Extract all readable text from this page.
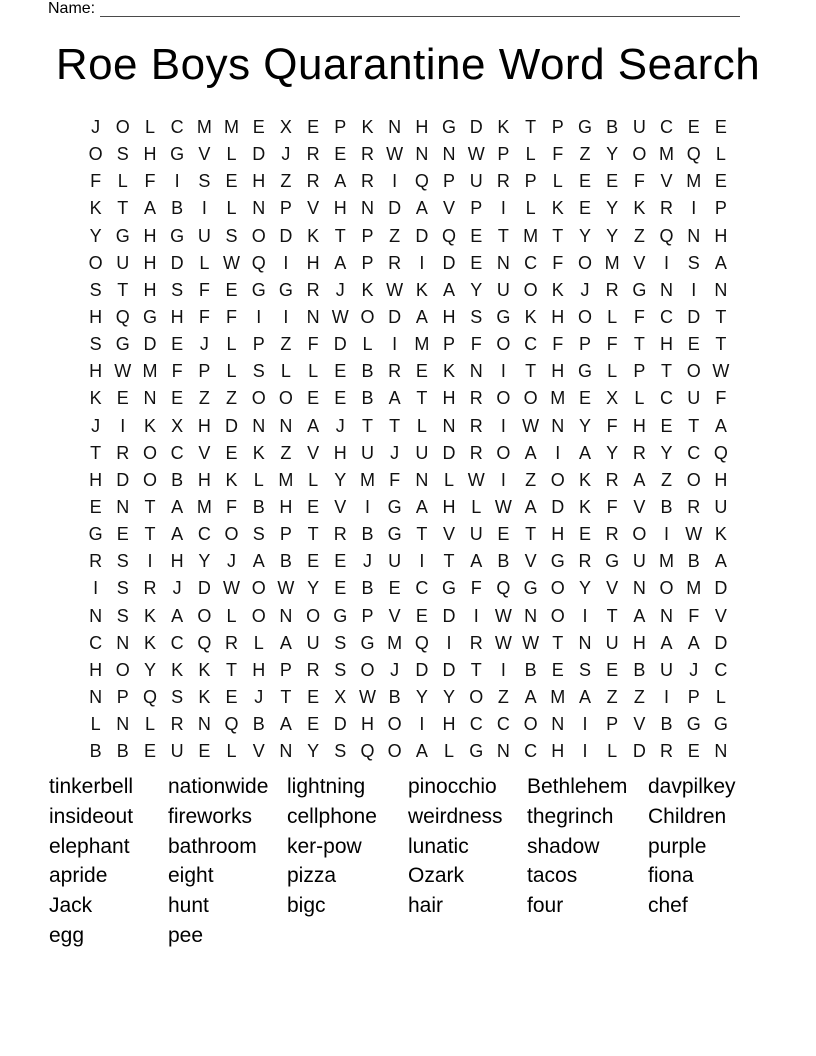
Name:
Roe Boys Quarantine Word Search
J O L C M M E X E P K N H G D K T P G B U C E E
O S H G V L D J R E R W N N W P L F Z Y O M Q L
F L F	I	S E H Z R A R	I Q P U R P L E E F V M E
K T A B	I	L N P V H N D A V P	I	L K E Y K R	I	P
Y G H G U S O D K T P Z D Q E T M T Y Y Z Q N H
O U H D L W Q I	H A P R	I	D E N C F O M V	I	S A
S T H S F E G G R J K W K A Y U O K J R G N	I	N
H Q G H F F	I	I	N W O D A H S G K H O L F C D T
S G D E J L P Z F D L	I M P F O C F P F T H E T
H W M F P L S L L E B R E K N	I	T H G L P T O W
K E N E Z Z O O E E B A T H R O O M E X L C U F
J	I	K X H D N N A J T T L N R	I W N Y F H E T A
T R O C V E K Z V H U J U D R O A	I	A Y R Y C Q
H D O B H K L M L Y M F N L W I	Z O K R A Z O H
E N T A M F B H E V	I G A H L W A D K F V B R U
G E T A C O S P T R B G T V U E T H E R O I W K
R S	I	H Y J A B E E J U	I	T A B V G R G U M B A
I	S R J D W O W Y E B E C G F Q G O Y V N O M D
N S K A O L O N O G P V E D	I W N O I	T A N F V
C N K C Q R L A U S G M Q I	R W W T N U H A A D
H O Y K K T H P R S O J D D T	I	B E S E B U J C
N P Q S K E J T E X W B Y Y O Z A M A Z Z	I	P L
L N L R N Q B A E D H O I	H C C O N	I	P V B G G
B B E U E L V N Y S Q O A L G N C H	I	L D R E N
tinkerbell
insideout
elephant
apride
Jack
egg
nationwide
fireworks
bathroom
eight
hunt
pee
lightning
cellphone
ker-pow
pizza
bigc
pinocchio
weirdness
lunatic
Ozark
hair
Bethlehem
thegrinch
shadow
tacos
four
davpilkey
Children
purple
fiona
chef
